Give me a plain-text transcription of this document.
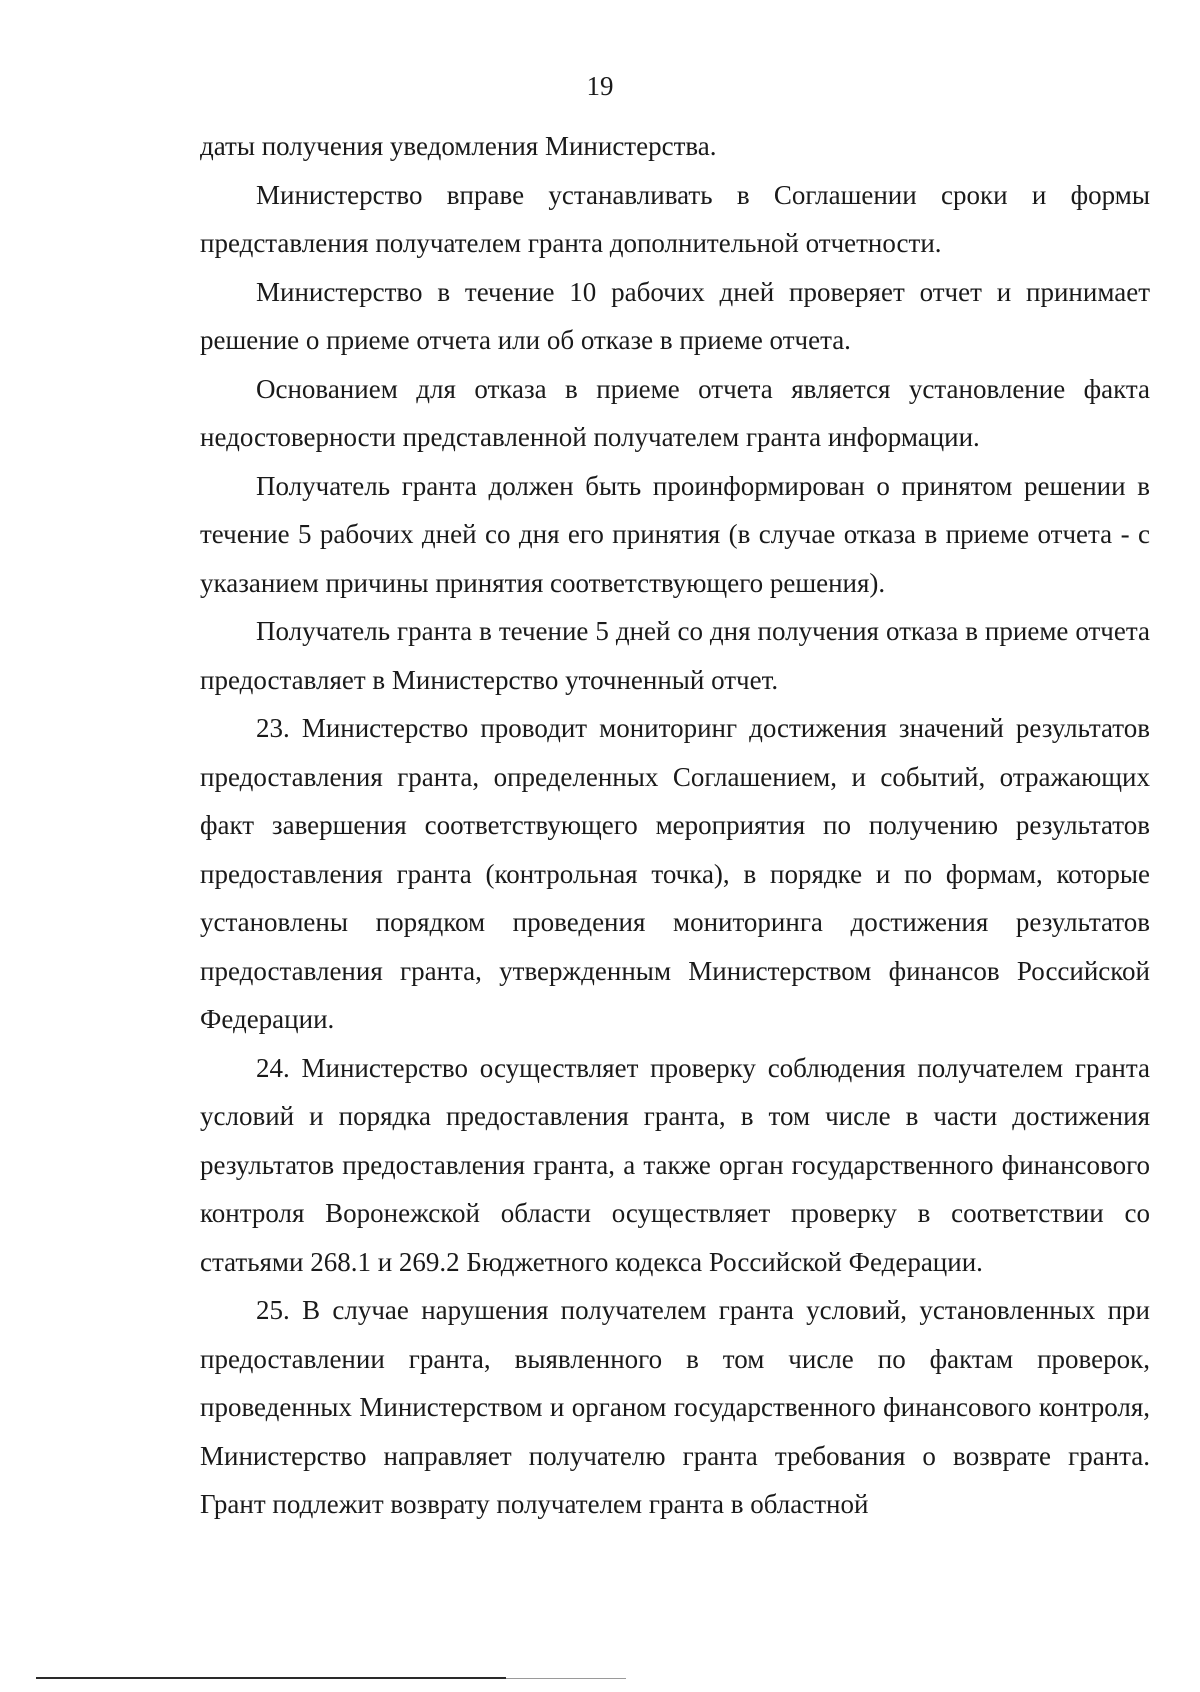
19

даты получения уведомления Министерства.

Министерство вправе устанавливать в Соглашении сроки и формы представления получателем гранта дополнительной отчетности.

Министерство в течение 10 рабочих дней проверяет отчет и принимает решение о приеме отчета или об отказе в приеме отчета.

Основанием для отказа в приеме отчета является установление факта недостоверности представленной получателем гранта информации.

Получатель гранта должен быть проинформирован о принятом решении в течение 5 рабочих дней со дня его принятия (в случае отказа в приеме отчета - с указанием причины принятия соответствующего решения).

Получатель гранта в течение 5 дней со дня получения отказа в приеме отчета предоставляет в Министерство уточненный отчет.

23. Министерство проводит мониторинг достижения значений результатов предоставления гранта, определенных Соглашением, и событий, отражающих факт завершения соответствующего мероприятия по получению результатов предоставления гранта (контрольная точка), в порядке и по формам, которые установлены порядком проведения мониторинга достижения результатов предоставления гранта, утвержденным Министерством финансов Российской Федерации.

24. Министерство осуществляет проверку соблюдения получателем гранта условий и порядка предоставления гранта, в том числе в части достижения результатов предоставления гранта, а также орган государственного финансового контроля Воронежской области осуществляет проверку в соответствии со статьями 268.1 и 269.2 Бюджетного кодекса Российской Федерации.

25. В случае нарушения получателем гранта условий, установленных при предоставлении гранта, выявленного в том числе по фактам проверок, проведенных Министерством и органом государственного финансового контроля, Министерство направляет получателю гранта требования о возврате гранта. Грант подлежит возврату получателем гранта в областной
